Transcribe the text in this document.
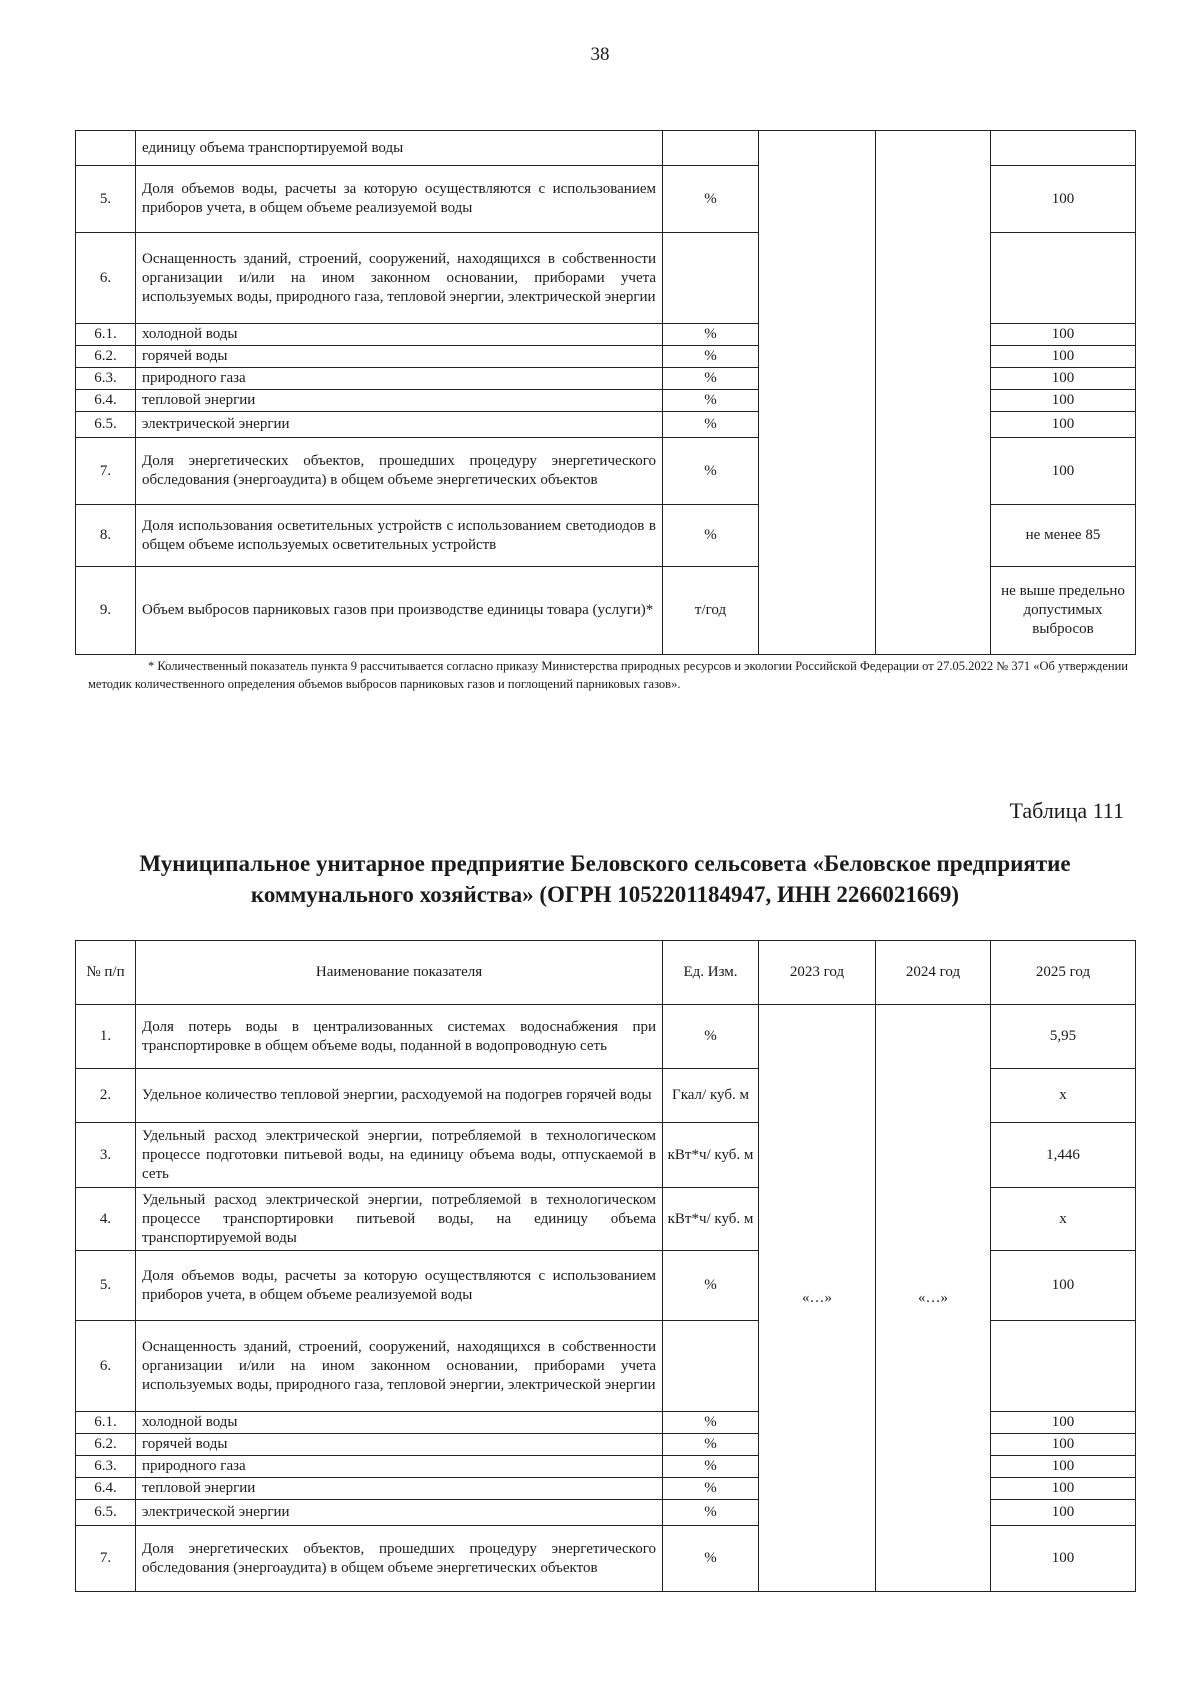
38
	единицу объема транспортируемой воды				
5.	Доля объемов воды, расчеты за которую осуществляются с использованием приборов учета, в общем объеме реализуемой воды	%			100
6.	Оснащенность зданий, строений, сооружений, находящихся в собственности организации и/или на ином законном основании, приборами учета используемых воды, природного газа, тепловой энергии, электрической энергии				
6.1.	холодной воды	%			100
6.2.	горячей воды	%			100
6.3.	природного газа	%			100
6.4.	тепловой энергии	%			100
6.5.	электрической энергии	%			100
7.	Доля энергетических объектов, прошедших процедуру энергетического обследования (энергоаудита) в общем объеме энергетических объектов	%			100
8.	Доля использования осветительных устройств с использованием светодиодов в общем объеме используемых осветительных устройств	%			не менее 85
9.	Объем выбросов парниковых газов при производстве единицы товара (услуги)*	т/год			не выше предельно допустимых выбросов
* Количественный показатель пункта 9 рассчитывается согласно приказу Министерства природных ресурсов и экологии Российской Федерации от 27.05.2022 № 371 «Об утверждении методик количественного определения объемов выбросов парниковых газов и поглощений парниковых газов».
Таблица 111
Муниципальное унитарное предприятие Беловского сельсовета «Беловское предприятие
коммунального хозяйства» (ОГРН 1052201184947, ИНН 2266021669)
№ п/п	Наименование показателя	Ед. Изм.	2023 год	2024 год	2025 год
1.	Доля потерь воды в централизованных системах водоснабжения при транспортировке в общем объеме воды, поданной в водопроводную сеть	%	«…»	«…»	5,95
2.	Удельное количество тепловой энергии, расходуемой на подогрев горячей воды	Гкал/ куб. м			х
3.	Удельный расход электрической энергии, потребляемой в технологическом процессе подготовки питьевой воды, на единицу объема воды, отпускаемой в сеть	кВт*ч/ куб. м			1,446
4.	Удельный расход электрической энергии, потребляемой в технологическом процессе транспортировки питьевой воды, на единицу объема транспортируемой воды	кВт*ч/ куб. м			х
5.	Доля объемов воды, расчеты за которую осуществляются с использованием приборов учета, в общем объеме реализуемой воды	%			100
6.	Оснащенность зданий, строений, сооружений, находящихся в собственности организации и/или на ином законном основании, приборами учета используемых воды, природного газа, тепловой энергии, электрической энергии				
6.1.	холодной воды	%			100
6.2.	горячей воды	%			100
6.3.	природного газа	%			100
6.4.	тепловой энергии	%			100
6.5.	электрической энергии	%			100
7.	Доля энергетических объектов, прошедших процедуру энергетического обследования (энергоаудита) в общем объеме энергетических объектов	%			100
